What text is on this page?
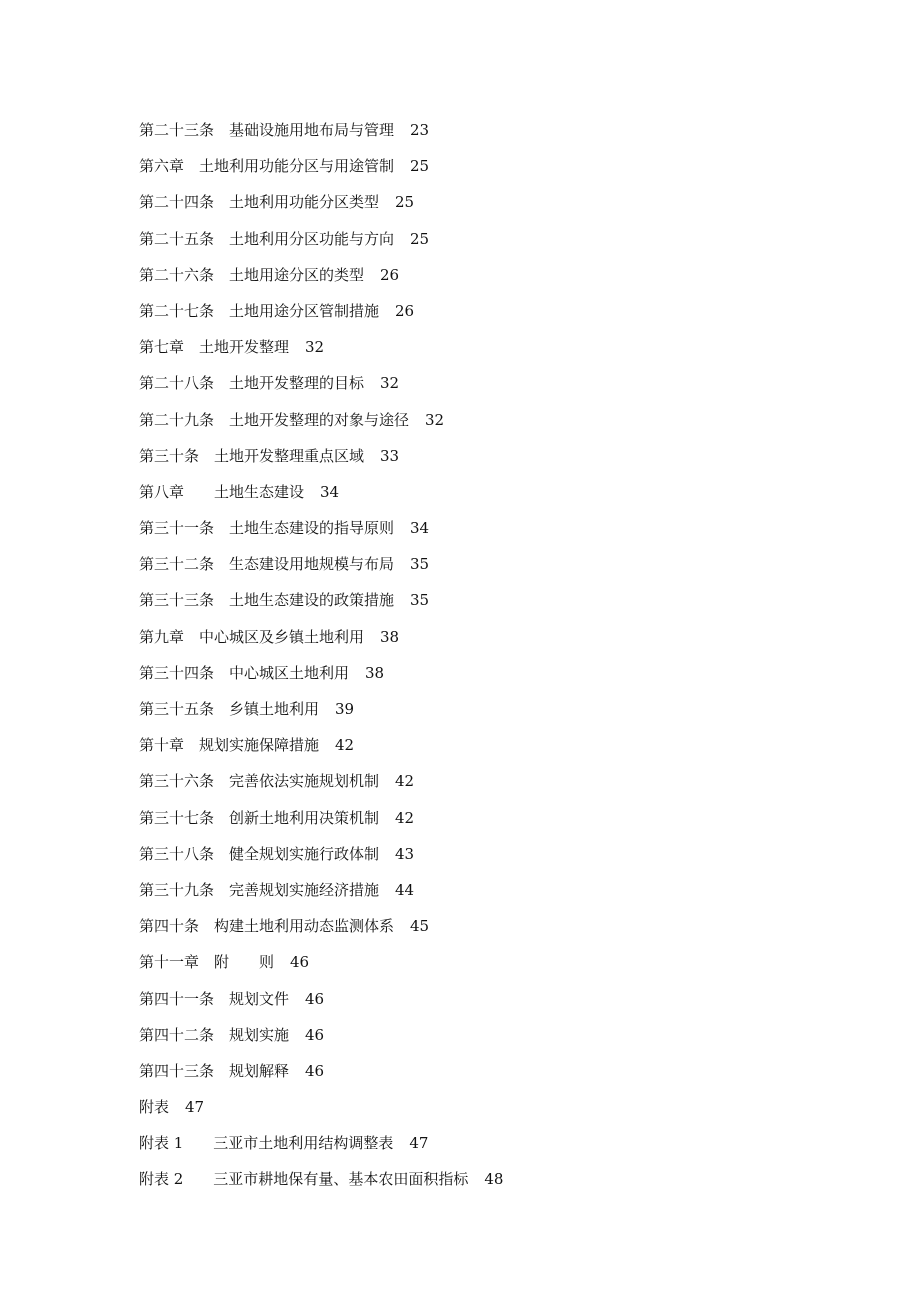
第二十三条　基础设施用地布局与管理 23
第六章　土地利用功能分区与用途管制 25
第二十四条　土地利用功能分区类型 25
第二十五条　土地利用分区功能与方向 25
第二十六条　土地用途分区的类型 26
第二十七条　土地用途分区管制措施 26
第七章　土地开发整理 32
第二十八条　土地开发整理的目标 32
第二十九条　土地开发整理的对象与途径 32
第三十条　土地开发整理重点区域 33
第八章　　土地生态建设 34
第三十一条　土地生态建设的指导原则 34
第三十二条　生态建设用地规模与布局 35
第三十三条　土地生态建设的政策措施 35
第九章　中心城区及乡镇土地利用 38
第三十四条　中心城区土地利用 38
第三十五条　乡镇土地利用 39
第十章　规划实施保障措施 42
第三十六条　完善依法实施规划机制 42
第三十七条　创新土地利用决策机制 42
第三十八条　健全规划实施行政体制 43
第三十九条　完善规划实施经济措施 44
第四十条　构建土地利用动态监测体系 45
第十一章　附　　则 46
第四十一条　规划文件 46
第四十二条　规划实施 46
第四十三条　规划解释 46
附表 47
附表 1　　三亚市土地利用结构调整表 47
附表 2　　三亚市耕地保有量、基本农田面积指标 48
